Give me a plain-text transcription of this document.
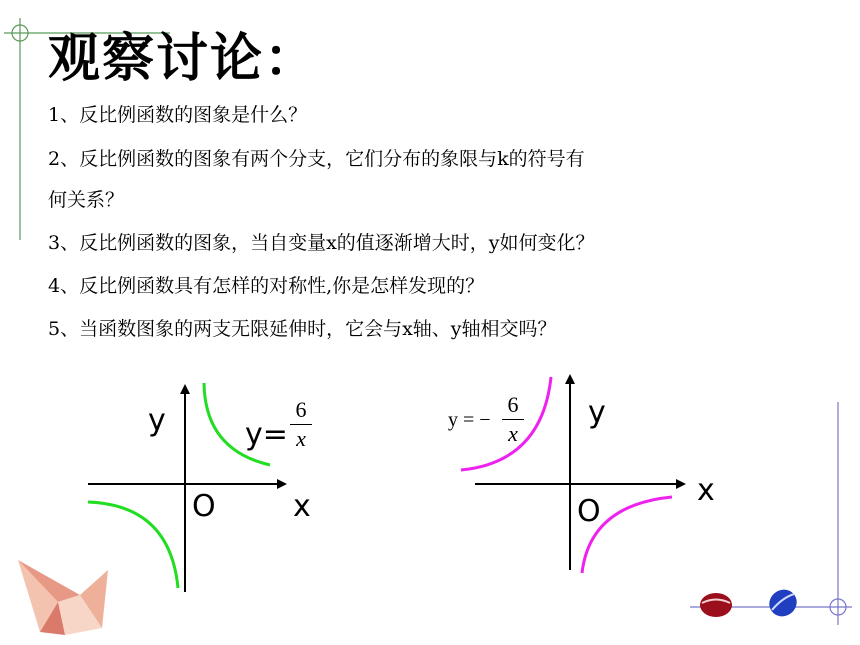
观察讨论：
1、反比例函数的图象是什么？
2、反比例函数的图象有两个分支，它们分布的象限与k的符号有
何关系？
3、反比例函数的图象，当自变量x的值逐渐增大时，y如何变化？
4、反比例函数具有怎样的对称性,你是怎样发现的？
5、当函数图象的两支无限延伸时，它会与x轴、y轴相交吗？
y
O	x
y=
6
x
y
O
x
y = −
6
x
